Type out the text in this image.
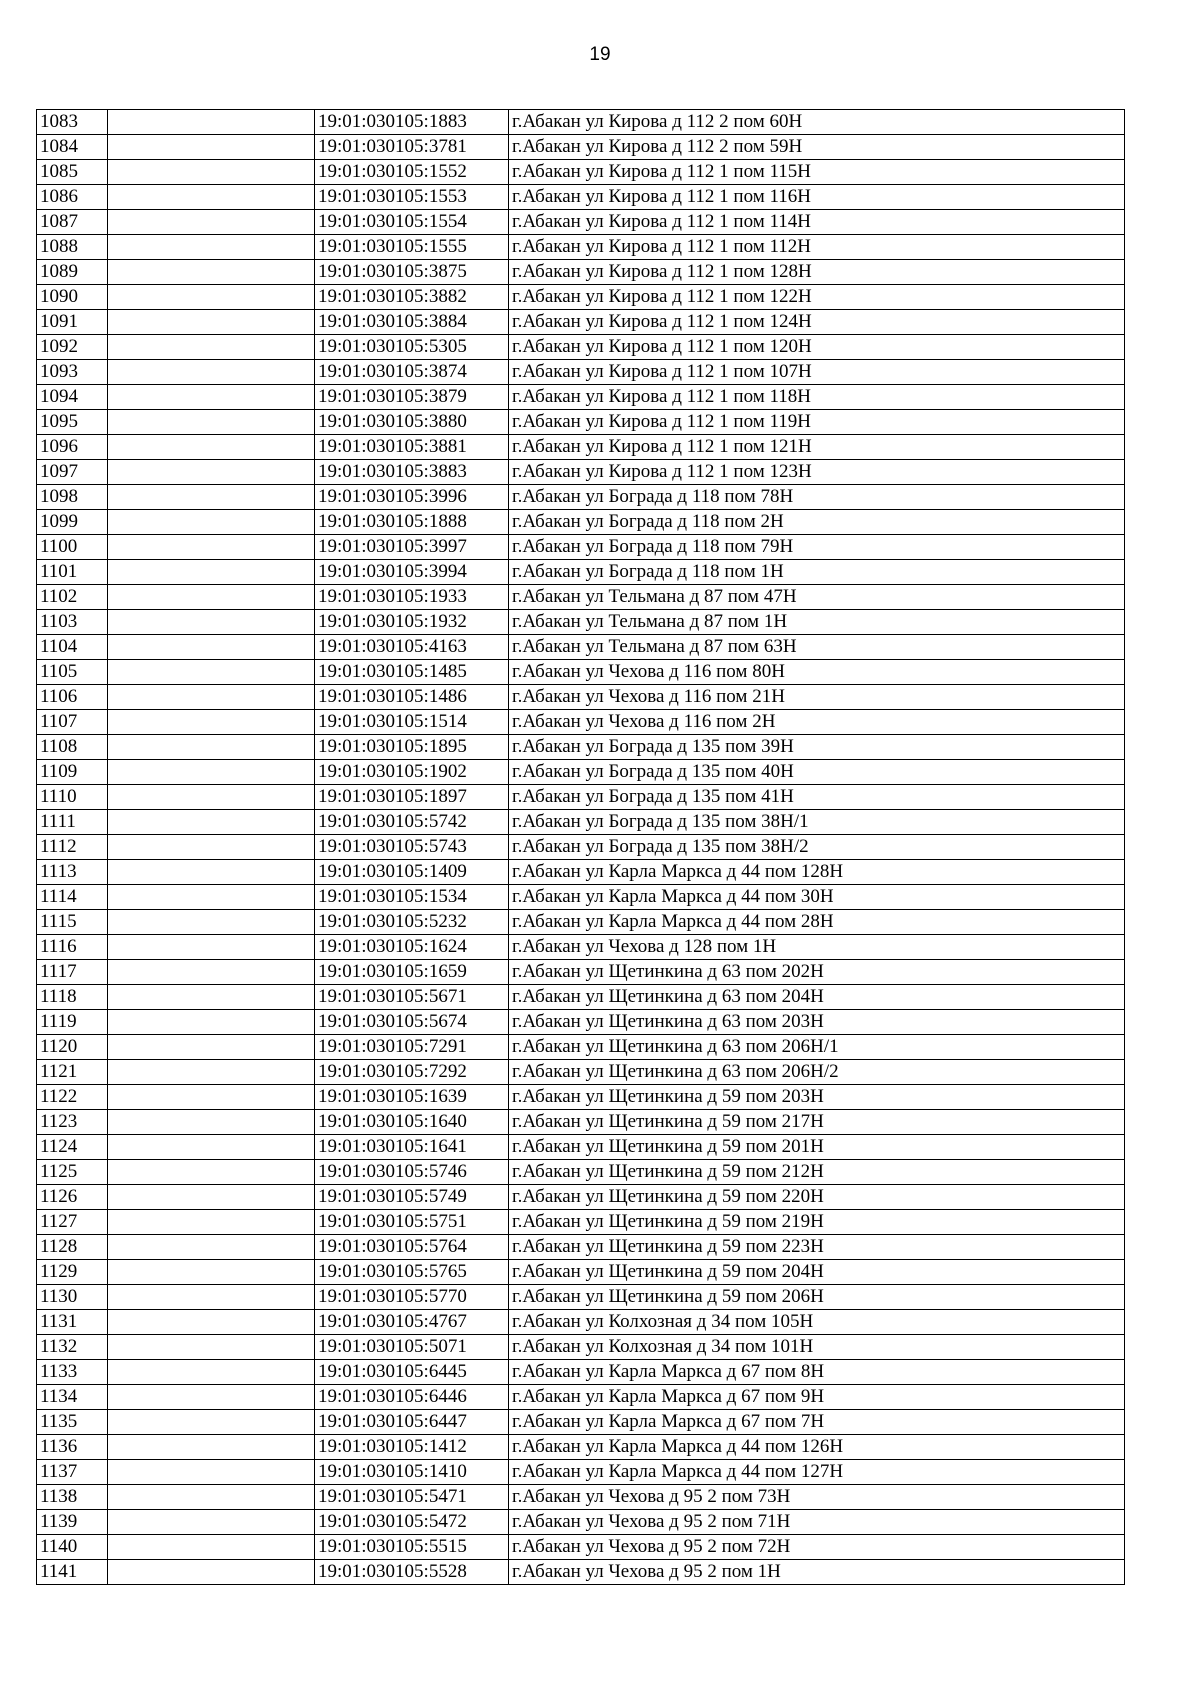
19
1083		19:01:030105:1883	г.Абакан ул Кирова д 112 2 пом 60Н
1084		19:01:030105:3781	г.Абакан ул Кирова д 112 2 пом 59Н
1085		19:01:030105:1552	г.Абакан ул Кирова д 112 1 пом 115Н
1086		19:01:030105:1553	г.Абакан ул Кирова д 112 1 пом 116Н
1087		19:01:030105:1554	г.Абакан ул Кирова д 112 1 пом 114Н
1088		19:01:030105:1555	г.Абакан ул Кирова д 112 1 пом 112Н
1089		19:01:030105:3875	г.Абакан ул Кирова д 112 1 пом 128Н
1090		19:01:030105:3882	г.Абакан ул Кирова д 112 1 пом 122Н
1091		19:01:030105:3884	г.Абакан ул Кирова д 112 1 пом 124Н
1092		19:01:030105:5305	г.Абакан ул Кирова д 112 1 пом 120Н
1093		19:01:030105:3874	г.Абакан ул Кирова д 112 1 пом 107Н
1094		19:01:030105:3879	г.Абакан ул Кирова д 112 1 пом 118Н
1095		19:01:030105:3880	г.Абакан ул Кирова д 112 1 пом 119Н
1096		19:01:030105:3881	г.Абакан ул Кирова д 112 1 пом 121Н
1097		19:01:030105:3883	г.Абакан ул Кирова д 112 1 пом 123Н
1098		19:01:030105:3996	г.Абакан ул Бограда д 118 пом 78Н
1099		19:01:030105:1888	г.Абакан ул Бограда д 118 пом 2Н
1100		19:01:030105:3997	г.Абакан ул Бограда д 118 пом 79Н
1101		19:01:030105:3994	г.Абакан ул Бограда д 118 пом 1Н
1102		19:01:030105:1933	г.Абакан ул Тельмана д 87 пом 47Н
1103		19:01:030105:1932	г.Абакан ул Тельмана д 87 пом 1Н
1104		19:01:030105:4163	г.Абакан ул Тельмана д 87 пом 63Н
1105		19:01:030105:1485	г.Абакан ул Чехова д 116 пом 80Н
1106		19:01:030105:1486	г.Абакан ул Чехова д 116 пом 21Н
1107		19:01:030105:1514	г.Абакан ул Чехова д 116 пом 2Н
1108		19:01:030105:1895	г.Абакан ул Бограда д 135 пом 39Н
1109		19:01:030105:1902	г.Абакан ул Бограда д 135 пом 40Н
1110		19:01:030105:1897	г.Абакан ул Бограда д 135 пом 41Н
1111		19:01:030105:5742	г.Абакан ул Бограда д 135 пом 38Н/1
1112		19:01:030105:5743	г.Абакан ул Бограда д 135 пом 38Н/2
1113		19:01:030105:1409	г.Абакан ул Карла Маркса д 44 пом 128Н
1114		19:01:030105:1534	г.Абакан ул Карла Маркса д 44 пом 30Н
1115		19:01:030105:5232	г.Абакан ул Карла Маркса д 44 пом 28Н
1116		19:01:030105:1624	г.Абакан ул Чехова д 128 пом 1Н
1117		19:01:030105:1659	г.Абакан ул Щетинкина д 63 пом 202Н
1118		19:01:030105:5671	г.Абакан ул Щетинкина д 63 пом 204Н
1119		19:01:030105:5674	г.Абакан ул Щетинкина д 63 пом 203Н
1120		19:01:030105:7291	г.Абакан ул Щетинкина д 63 пом 206Н/1
1121		19:01:030105:7292	г.Абакан ул Щетинкина д 63 пом 206Н/2
1122		19:01:030105:1639	г.Абакан ул Щетинкина д 59 пом 203Н
1123		19:01:030105:1640	г.Абакан ул Щетинкина д 59 пом 217Н
1124		19:01:030105:1641	г.Абакан ул Щетинкина д 59 пом 201Н
1125		19:01:030105:5746	г.Абакан ул Щетинкина д 59 пом 212Н
1126		19:01:030105:5749	г.Абакан ул Щетинкина д 59 пом 220Н
1127		19:01:030105:5751	г.Абакан ул Щетинкина д 59 пом 219Н
1128		19:01:030105:5764	г.Абакан ул Щетинкина д 59 пом 223Н
1129		19:01:030105:5765	г.Абакан ул Щетинкина д 59 пом 204Н
1130		19:01:030105:5770	г.Абакан ул Щетинкина д 59 пом 206Н
1131		19:01:030105:4767	г.Абакан ул Колхозная д 34 пом 105Н
1132		19:01:030105:5071	г.Абакан ул Колхозная д 34 пом 101Н
1133		19:01:030105:6445	г.Абакан ул Карла Маркса д 67 пом 8Н
1134		19:01:030105:6446	г.Абакан ул Карла Маркса д 67 пом 9Н
1135		19:01:030105:6447	г.Абакан ул Карла Маркса д 67 пом 7Н
1136		19:01:030105:1412	г.Абакан ул Карла Маркса д 44 пом 126Н
1137		19:01:030105:1410	г.Абакан ул Карла Маркса д 44 пом 127Н
1138		19:01:030105:5471	г.Абакан ул Чехова д 95 2 пом 73Н
1139		19:01:030105:5472	г.Абакан ул Чехова д 95 2 пом 71Н
1140		19:01:030105:5515	г.Абакан ул Чехова д 95 2 пом 72Н
1141		19:01:030105:5528	г.Абакан ул Чехова д 95 2 пом 1Н
